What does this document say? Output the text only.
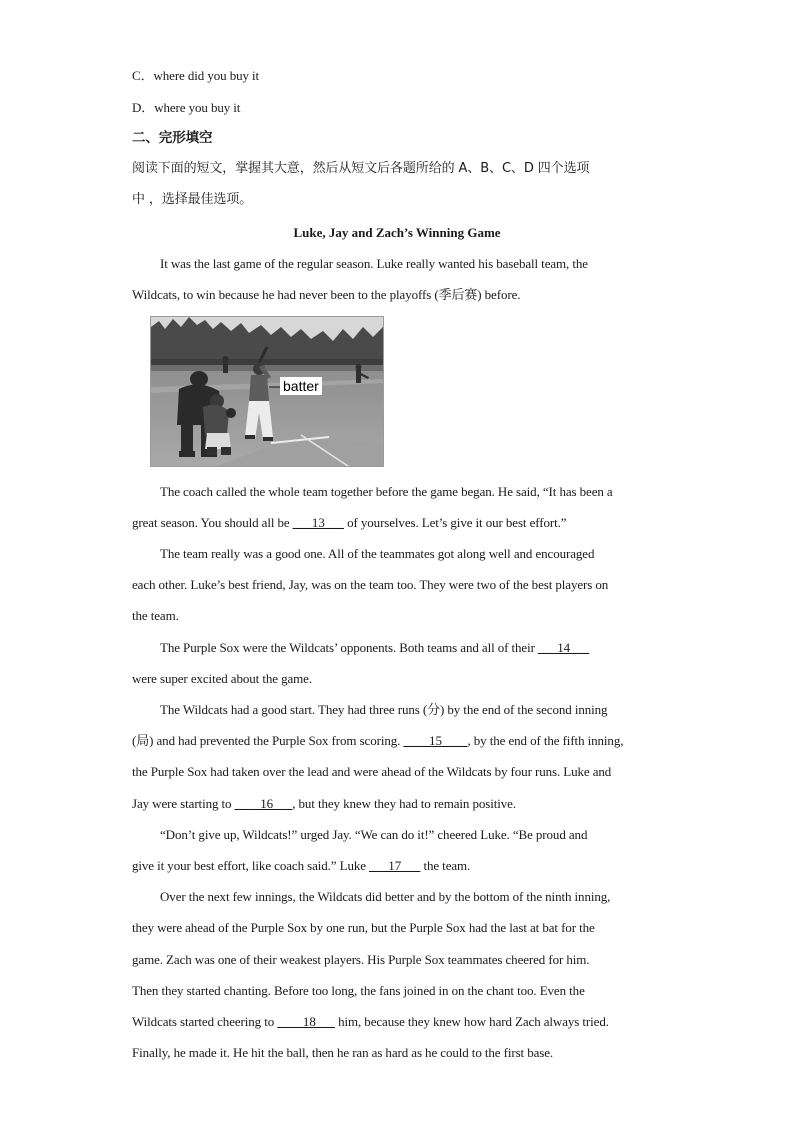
C．where did you buy it
D．where you buy it
二、完形填空
阅读下面的短文，掌握其大意，然后从短文后各题所给的 A、B、C、D 四个选项
中 ，选择最佳选项。
Luke, Jay and Zach’s Winning Game
It was the last game of the regular season. Luke really wanted his baseball team, the
Wildcats, to win because he had never been to the playoffs (季后赛) before.
batter
The coach called the whole team together before the game began. He said, “It has been a
great season. You should all be ___13___ of yourselves. Let’s give it our best effort.”
The team really was a good one. All of the teammates got along well and encouraged
each other. Luke’s best friend, Jay, was on the team too. They were two of the best players on
the team.
The Purple Sox were the Wildcats’ opponents. Both teams and all of their ___14___
were super excited about the game.
The Wildcats had a good start. They had three runs (分) by the end of the second inning
(局) and had prevented the Purple Sox from scoring. ____15____, by the end of the fifth inning,
the Purple Sox had taken over the lead and were ahead of the Wildcats by four runs. Luke and
Jay were starting to ____16___, but they knew they had to remain positive.
“Don’t give up, Wildcats!” urged Jay. “We can do it!” cheered Luke. “Be proud and
give it your best effort, like coach said.” Luke ___17___ the team.
Over the next few innings, the Wildcats did better and by the bottom of the ninth inning,
they were ahead of the Purple Sox by one run, but the Purple Sox had the last at bat for the
game. Zach was one of their weakest players. His Purple Sox teammates cheered for him.
Then they started chanting. Before too long, the fans joined in on the chant too. Even the
Wildcats started cheering to ____18___ him, because they knew how hard Zach always tried.
Finally, he made it. He hit the ball, then he ran as hard as he could to the first base.
